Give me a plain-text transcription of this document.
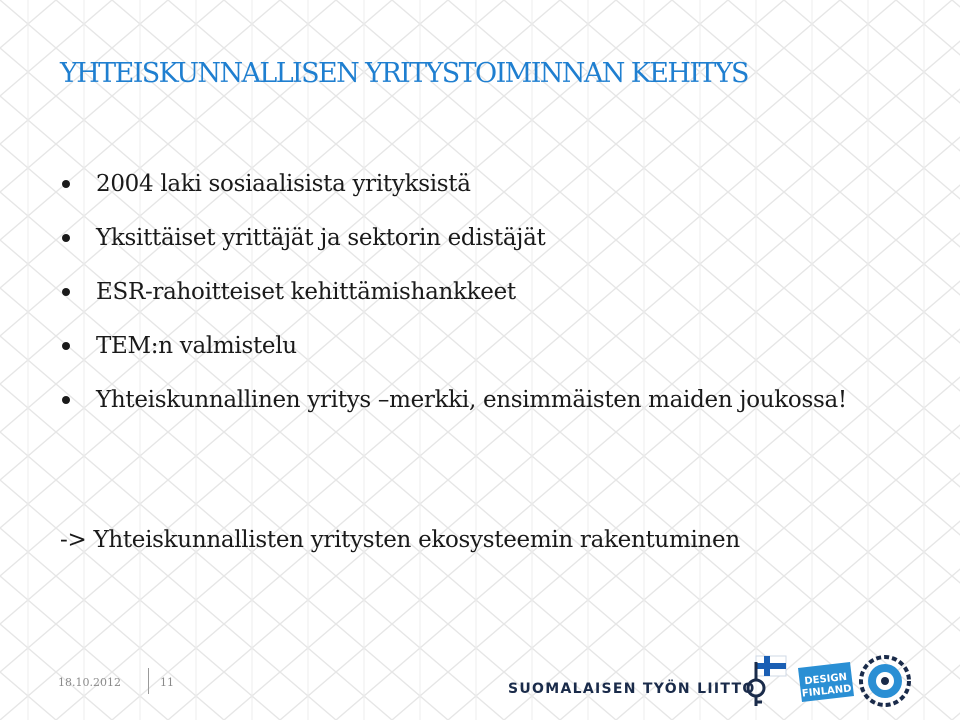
YHTEISKUNNALLISEN YRITYSTOIMINNAN KEHITYS
2004 laki sosiaalisista yrityksistä
Yksittäiset yrittäjät ja sektorin edistäjät
ESR-rahoitteiset kehittämishankkeet
TEM:n valmistelu
Yhteiskunnallinen yritys –merkki, ensimmäisten maiden joukossa!
-> Yhteiskunnallisten yritysten ekosysteemin rakentuminen
18.10.2012	11	SUOMALAISEN TYÖN LIITTO
DESIGN
FINLAND
